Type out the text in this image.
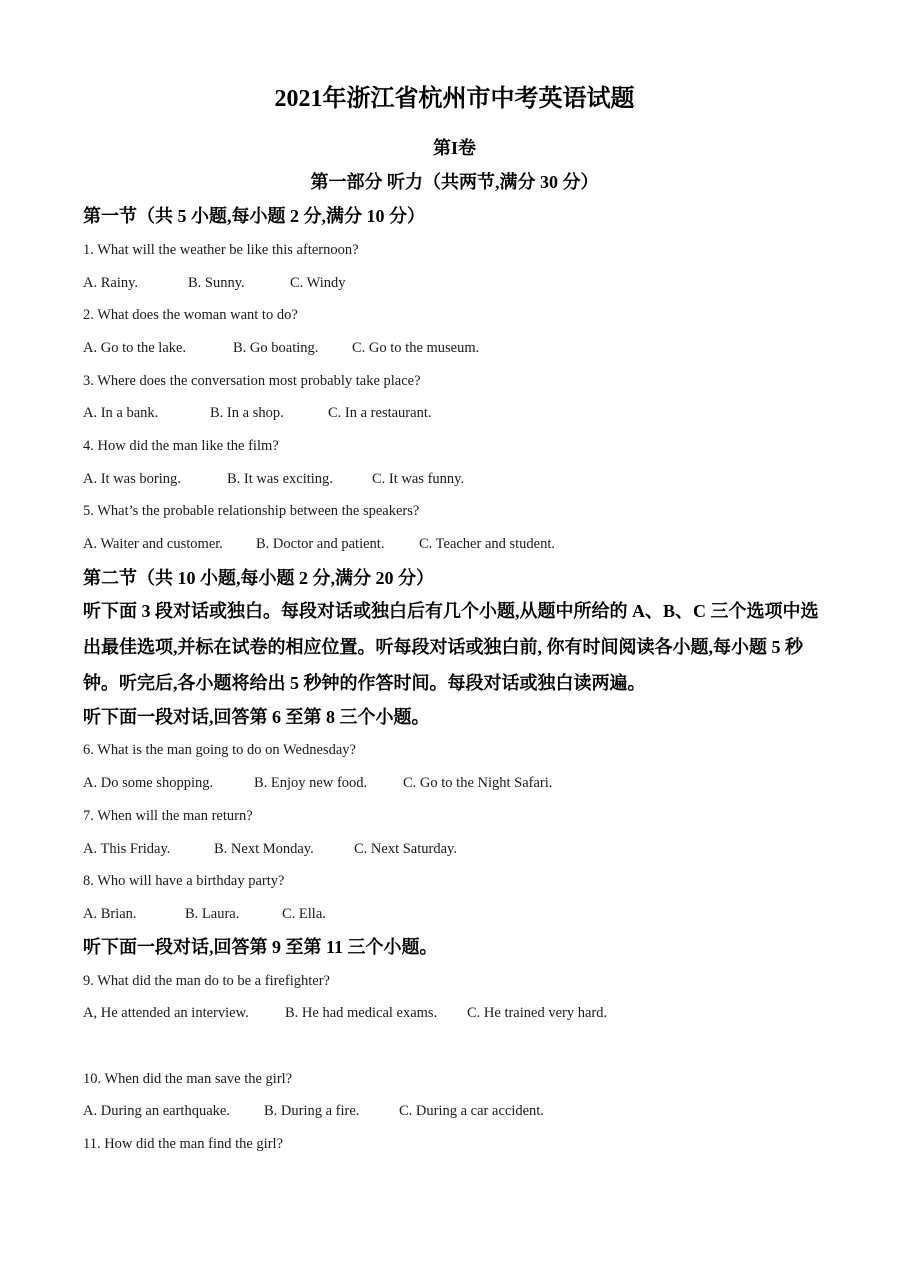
2021年浙江省杭州市中考英语试题
第I卷
第一部分 听力（共两节,满分 30 分）
第一节（共 5 小题,每小题 2 分,满分 10 分）
1. What will the weather be like this afternoon?
A. Rainy.	B. Sunny.	C. Windy
2. What does the woman want to do?
A. Go to the lake.	B. Go boating. C. Go to the museum.
3. Where does the conversation most probably take place?
A. In a bank.	B. In a shop.	C. In a restaurant.
4. How did the man like the film?
A. It was boring.	B. It was exciting.	C. It was funny.
5. What’s the probable relationship between the speakers?
A. Waiter and customer. B. Doctor and patient. C. Teacher and student.
第二节（共 10 小题,每小题 2 分,满分 20 分）
听下面 3 段对话或独白。每段对话或独白后有几个小题,从题中所给的 A、B、C 三个选项中选出最佳选项,并标在试卷的相应位置。听每段对话或独白前, 你有时间阅读各小题,每小题 5 秒钟。听完后,各小题将给出 5 秒钟的作答时间。每段对话或独白读两遍。
听下面一段对话,回答第 6 至第 8 三个小题。
6. What is the man going to do on Wednesday?
A. Do some shopping.	B. Enjoy new food. C. Go to the Night Safari.
7. When will the man return?
A. This Friday.	B. Next Monday.	C. Next Saturday.
8. Who will have a birthday party?
A. Brian.	B. Laura.	C. Ella.
听下面一段对话,回答第 9 至第 11 三个小题。
9. What did the man do to be a firefighter?
A, He attended an interview.	B. He had medical exams. C. He trained very hard.
10. When did the man save the girl?
A. During an earthquake. B. During a fire.	C. During a car accident.
11. How did the man find the girl?
